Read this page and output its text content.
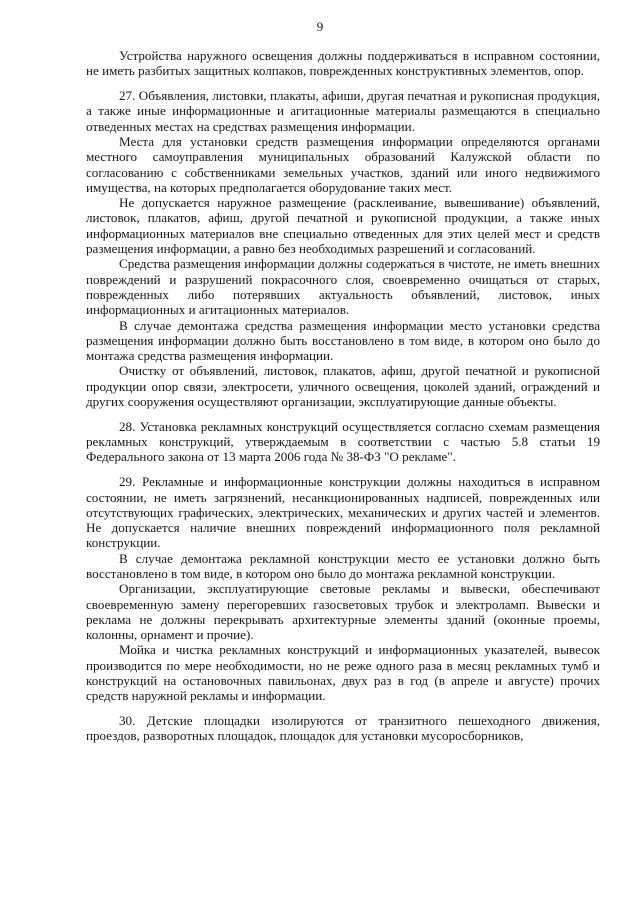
9

Устройства наружного освещения должны поддерживаться в исправном состоянии, не иметь разбитых защитных колпаков, поврежденных конструктивных элементов, опор.

27. Объявления, листовки, плакаты, афиши, другая печатная и рукописная продукция, а также иные информационные и агитационные материалы размещаются в специально отведенных местах на средствах размещения информации.

Места для установки средств размещения информации определяются органами местного самоуправления муниципальных образований Калужской области по согласованию с собственниками земельных участков, зданий или иного недвижимого имущества, на которых предполагается оборудование таких мест.

Не допускается наружное размещение (расклеивание, вывешивание) объявлений, листовок, плакатов, афиш, другой печатной и рукописной продукции, а также иных информационных материалов вне специально отведенных для этих целей мест и средств размещения информации, а равно без необходимых разрешений и согласований.

Средства размещения информации должны содержаться в чистоте, не иметь внешних повреждений и разрушений покрасочного слоя, своевременно очищаться от старых, поврежденных либо потерявших актуальность объявлений, листовок, иных информационных и агитационных материалов.

В случае демонтажа средства размещения информации место установки средства размещения информации должно быть восстановлено в том виде, в котором оно было до монтажа средства размещения информации.

Очистку от объявлений, листовок, плакатов, афиш, другой печатной и рукописной продукции опор связи, электросети, уличного освещения, цоколей зданий, ограждений и других сооружения осуществляют организации, эксплуатирующие данные объекты.

28. Установка рекламных конструкций осуществляется согласно схемам размещения рекламных конструкций, утверждаемым в соответствии с частью 5.8 статьи 19 Федерального закона от 13 марта 2006 года № 38-ФЗ "О рекламе".

29. Рекламные и информационные конструкции должны находиться в исправном состоянии, не иметь загрязнений, несанкционированных надписей, поврежденных или отсутствующих графических, электрических, механических и других частей и элементов. Не допускается наличие внешних повреждений информационного поля рекламной конструкции.

В случае демонтажа рекламной конструкции место ее установки должно быть восстановлено в том виде, в котором оно было до монтажа рекламной конструкции.

Организации, эксплуатирующие световые рекламы и вывески, обеспечивают своевременную замену перегоревших газосветовых трубок и электроламп. Вывески и реклама не должны перекрывать архитектурные элементы зданий (оконные проемы, колонны, орнамент и прочие).

Мойка и чистка рекламных конструкций и информационных указателей, вывесок производится по мере необходимости, но не реже одного раза в месяц рекламных тумб и конструкций на остановочных павильонах, двух раз в год (в апреле и августе) прочих средств наружной рекламы и информации.

30. Детские площадки изолируются от транзитного пешеходного движения, проездов, разворотных площадок, площадок для установки мусоросборников,
